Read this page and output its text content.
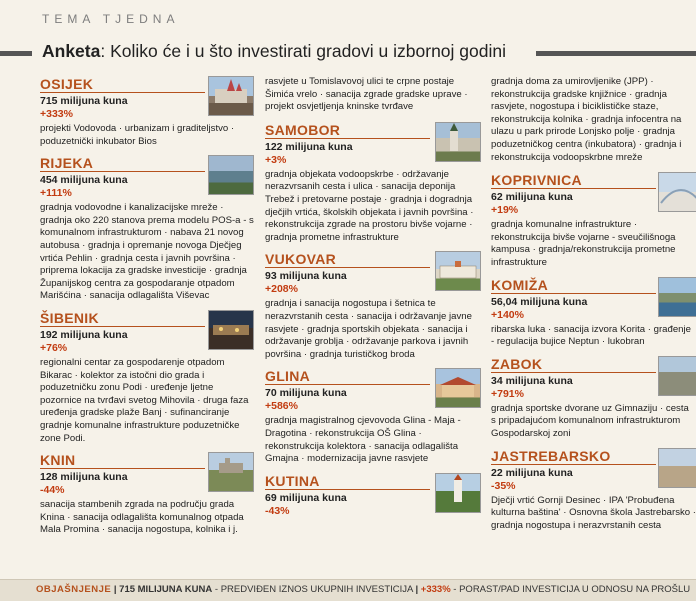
TEMA TJEDNA
Anketa: Koliko će i u što investirati gradovi u izbornoj godini
OSIJEK
715 milijuna kuna
+333%
projekti Vodovoda · urbanizam i graditeljstvo · poduzetnički inkubator Bios
RIJEKA
454 milijuna kuna
+111%
gradnja vodovodne i kanalizacijske mreže · gradnja oko 220 stanova prema modelu POS-a - s komunalnom infrastrukturom · nabava 21 novog autobusa · gradnja i opremanje novoga Dječjeg vrtića Pehlin · gradnja cesta i javnih površina · priprema lokacija za gradske investicije · gradnja Županijskog centra za gospodaranje otpadom Marišćina · sanacija odlagališta Viševac
ŠIBENIK
192 milijuna kuna
+76%
regionalni centar za gospodarenje otpadom Bikarac · kolektor za istočni dio grada i poduzetničku zonu Podi · uređenje ljetne pozornice na tvrđavi svetog Mihovila · druga faza uređenja gradske plaže Banj · sufinanciranje gradnje komunalne infrastrukture poduzetničke zone Podi.
KNIN
128 milijuna kuna
-44%
sanacija stambenih zgrada na području grada Knina · sanacija odlagališta komunalnog otpada Mala Promina · sanacija nogostupa, kolnika i j.
rasvjete u Tomislavovoj ulici te crpne postaje Šimića vrelo · sanacija zgrade gradske uprave · projekt osvjetljenja kninske tvrđave
SAMOBOR
122 milijuna kuna
+3%
gradnja objekata vodoopskrbe · održavanje nerazvrsanih cesta i ulica · sanacija deponija Trebež i pretovarne postaje · gradnja i dogradnja dječjih vrtića, školskih objekata i javnih površina · rekonstrukcija zgrade na prostoru bivše vojarne · gradnja prometne infrastrukture
VUKOVAR
93 milijuna kuna
+208%
gradnja i sanacija nogostupa i šetnica te nerazvrstanih cesta · sanacija i održavanje javne rasvjete · gradnja sportskih objekata · sanacija i održavanje groblja · održavanje parkova i javnih površina · gradnja turističkog broda
GLINA
70 milijuna kuna
+586%
gradnja magistralnog cjevovoda Glina - Maja - Dragotina · rekonstrukcija OŠ Glina · rekonstrukcija kolektora · sanacija odlagališta Gmajna · modernizacija javne rasvjete
KUTINA
69 milijuna kuna
-43%
gradnja doma za umirovljenike (JPP) · rekonstrukcija gradske knjižnice · gradnja rasvjete, nogostupa i biciklističke staze, rekonstrukcija kolnika · gradnja infocentra na ulazu u park prirode Lonjsko polje · gradnja poduzetničkog centra (inkubatora) · gradnja i rekonstrukcija vodoopskrbne mreže
KOPRIVNICA
62 milijuna kuna
+19%
gradnja komunalne infrastrukture · rekonstrukcija bivše vojarne - sveučilišnoga kampusa · gradnja/rekonstrukcija prometne infrastrukture
KOMIŽA
56,04 milijuna kuna
+140%
ribarska luka · sanacija izvora Korita · građenje - regulacija bujice Neptun · lukobran
ZABOK
34 milijuna kuna
+791%
gradnja sportske dvorane uz Gimnaziju · cesta s pripadajućom komunalnom infrastrukturom Gospodarskoj zoni
JASTREBARSKO
22 milijuna kuna
-35%
Dječji vrtić Gornji Desinec · IPA 'Probuđena kulturna baština' · Osnovna škola Jastrebarsko · gradnja nogostupa i nerazvrstanih cesta
OBJAŠNJENJE | 715 MILIJUNA KUNA - PREDVIĐEN IZNOS UKUPNIH INVESTICIJA | +333% - PORAST/PAD INVESTICIJA U ODNOSU NA PROŠLU
